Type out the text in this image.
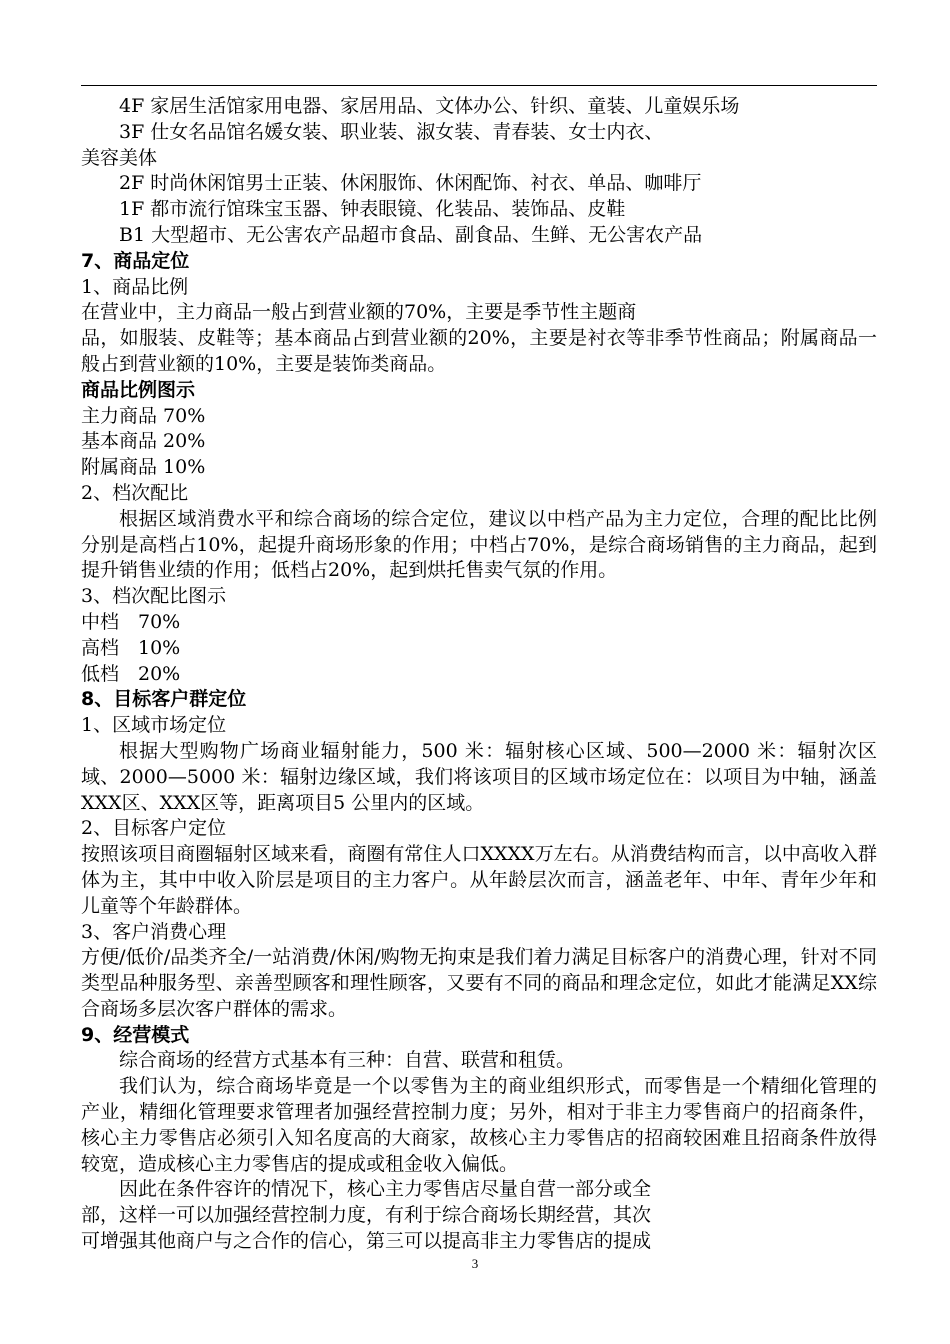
4F 家居生活馆家用电器、家居用品、文体办公、针织、童装、儿童娱乐场

3F 仕女名品馆名媛女装、职业装、淑女装、青春装、女士内衣、

美容美体

2F 时尚休闲馆男士正装、休闲服饰、休闲配饰、衬衣、单品、咖啡厅

1F 都市流行馆珠宝玉器、钟表眼镜、化装品、装饰品、皮鞋

B1 大型超市、无公害农产品超市食品、副食品、生鲜、无公害农产品

7、商品定位

1、商品比例

在营业中，主力商品一般占到营业额的70%，主要是季节性主题商

品，如服装、皮鞋等；基本商品占到营业额的20%，主要是衬衣等非季节性商品；附属商品一般占到营业额的10%，主要是装饰类商品。

商品比例图示

主力商品 70%

基本商品 20%

附属商品 10%

2、档次配比

根据区域消费水平和综合商场的综合定位，建议以中档产品为主力定位，合理的配比比例分别是高档占10%，起提升商场形象的作用；中档占70%，是综合商场销售的主力商品，起到提升销售业绩的作用；低档占20%，起到烘托售卖气氛的作用。

3、档次配比图示

中档　70%

高档　10%

低档　20%

8、目标客户群定位

1、区域市场定位

根据大型购物广场商业辐射能力，500 米：辐射核心区域、500—2000 米：辐射次区域、2000—5000 米：辐射边缘区域，我们将该项目的区域市场定位在：以项目为中轴，涵盖XXX区、XXX区等，距离项目5 公里内的区域。

2、目标客户定位

按照该项目商圈辐射区域来看，商圈有常住人口XXXX万左右。从消费结构而言，以中高收入群体为主，其中中收入阶层是项目的主力客户。从年龄层次而言，涵盖老年、中年、青年少年和儿童等个年龄群体。

3、客户消费心理

方便/低价/品类齐全/一站消费/休闲/购物无拘束是我们着力满足目标客户的消费心理，针对不同类型品种服务型、亲善型顾客和理性顾客，又要有不同的商品和理念定位，如此才能满足XX综合商场多层次客户群体的需求。

9、经营模式

综合商场的经营方式基本有三种：自营、联营和租赁。

我们认为，综合商场毕竟是一个以零售为主的商业组织形式，而零售是一个精细化管理的产业，精细化管理要求管理者加强经营控制力度；另外，相对于非主力零售商户的招商条件，核心主力零售店必须引入知名度高的大商家，故核心主力零售店的招商较困难且招商条件放得较宽，造成核心主力零售店的提成或租金收入偏低。

因此在条件容许的情况下，核心主力零售店尽量自营一部分或全

部，这样一可以加强经营控制力度，有利于综合商场长期经营，其次

可增强其他商户与之合作的信心，第三可以提高非主力零售店的提成

3
